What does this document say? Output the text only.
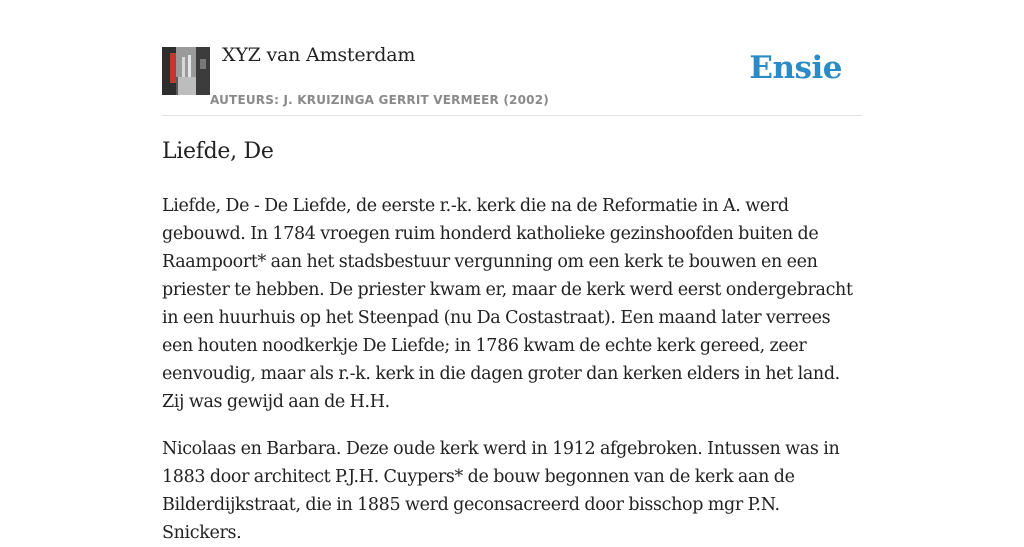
XYZ van Amsterdam
AUTEURS: J. KRUIZINGA GERRIT VERMEER (2002)
Ensie
Liefde, De

Liefde, De - De Liefde, de eerste r.-k. kerk die na de Reformatie in A. werd gebouwd. In 1784 vroegen ruim honderd katholieke gezinshoofden buiten de Raampoort* aan het stadsbestuur vergunning om een kerk te bouwen en een priester te hebben. De priester kwam er, maar de kerk werd eerst ondergebracht in een huurhuis op het Steenpad (nu Da Costastraat). Een maand later verrees een houten noodkerkje De Liefde; in 1786 kwam de echte kerk gereed, zeer eenvoudig, maar als r.-k. kerk in die dagen groter dan kerken elders in het land. Zij was gewijd aan de H.H.

Nicolaas en Barbara. Deze oude kerk werd in 1912 afgebroken. Intussen was in 1883 door architect P.J.H. Cuypers* de bouw begonnen van de kerk aan de Bilderdijkstraat, die in 1885 werd geconsacreerd door bisschop mgr P.N. Snickers.
